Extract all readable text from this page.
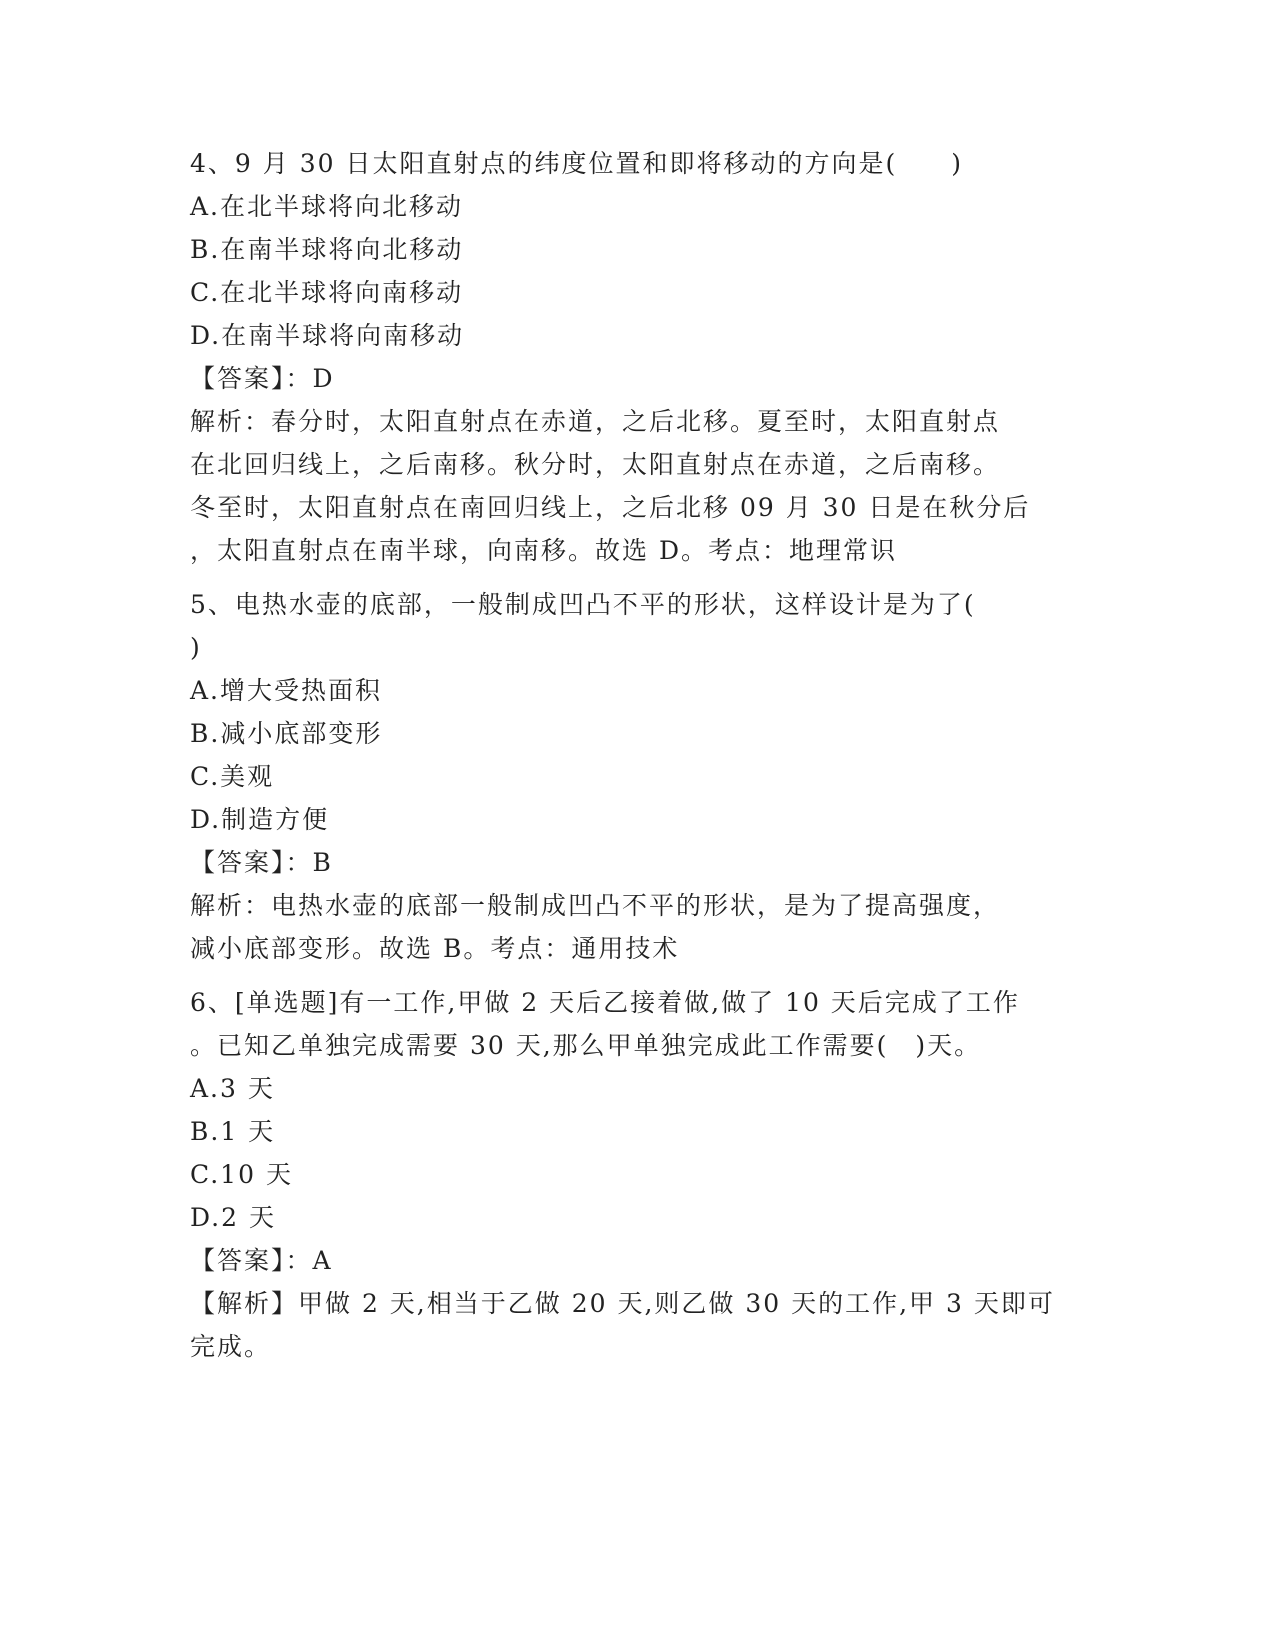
4、9 月 30 日太阳直射点的纬度位置和即将移动的方向是(　　)
A.在北半球将向北移动
B.在南半球将向北移动
C.在北半球将向南移动
D.在南半球将向南移动
【答案】：D
解析：春分时，太阳直射点在赤道，之后北移。夏至时，太阳直射点
在北回归线上，之后南移。秋分时，太阳直射点在赤道，之后南移。
冬至时，太阳直射点在南回归线上，之后北移 09 月 30 日是在秋分后
，太阳直射点在南半球，向南移。故选 D。考点：地理常识
5、电热水壶的底部，一般制成凹凸不平的形状，这样设计是为了(
)
A.增大受热面积
B.减小底部变形
C.美观
D.制造方便
【答案】：B
解析：电热水壶的底部一般制成凹凸不平的形状，是为了提高强度，
减小底部变形。故选 B。考点：通用技术
6、[单选题]有一工作,甲做 2 天后乙接着做,做了 10 天后完成了工作
。已知乙单独完成需要 30 天,那么甲单独完成此工作需要(　)天。
A.3 天
B.1 天
C.10 天
D.2 天
【答案】：A
【解析】甲做 2 天,相当于乙做 20 天,则乙做 30 天的工作,甲 3 天即可
完成。
